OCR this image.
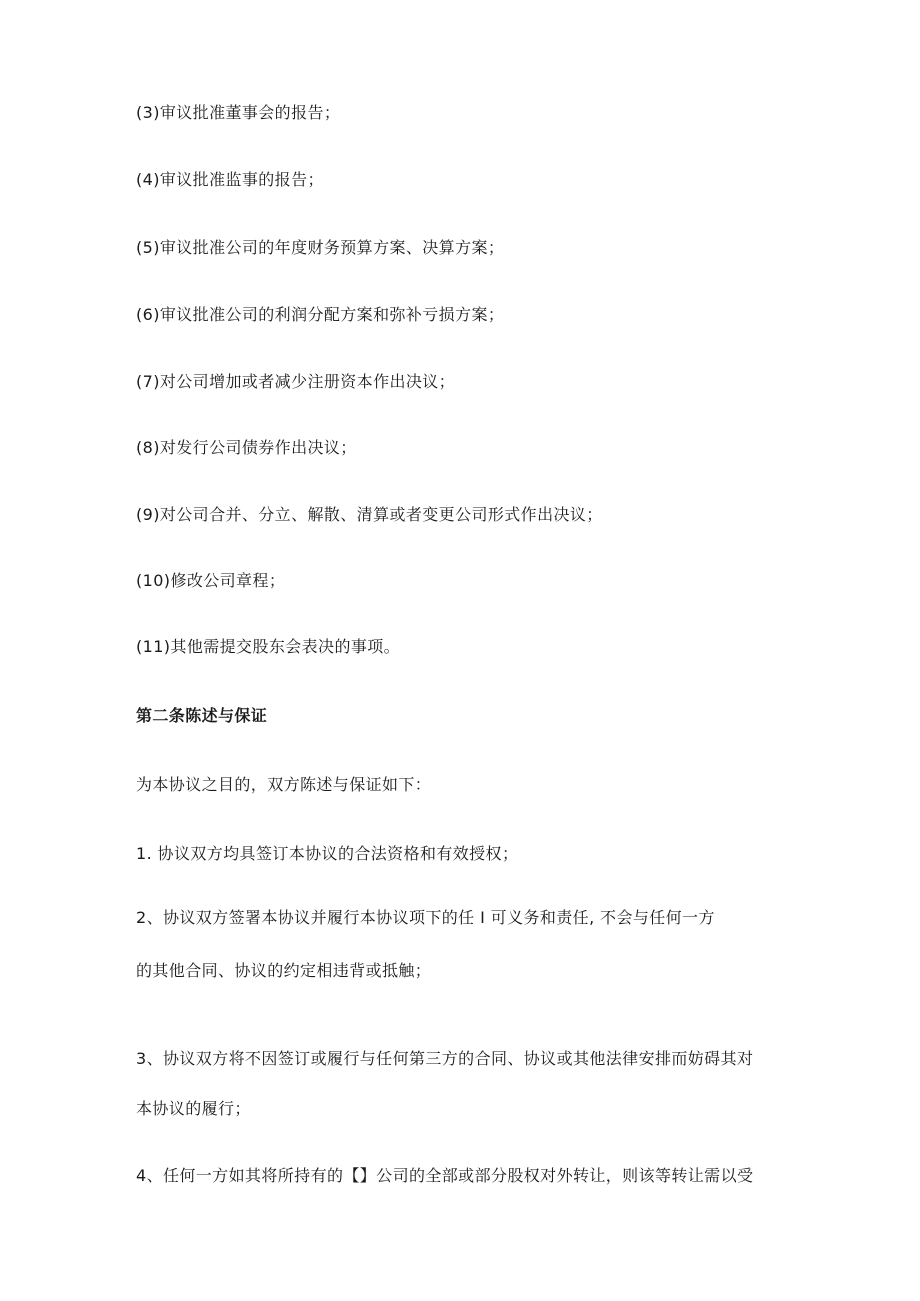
(3)审议批准董事会的报告；
(4)审议批准监事的报告；
(5)审议批准公司的年度财务预算方案、决算方案；
(6)审议批准公司的利润分配方案和弥补亏损方案；
(7)对公司增加或者减少注册资本作出决议；
(8)对发行公司债券作出决议；
(9)对公司合并、分立、解散、清算或者变更公司形式作出决议；
(10)修改公司章程；
(11)其他需提交股东会表决的事项。
第二条陈述与保证
为本协议之目的，双方陈述与保证如下：
1. 协议双方均具签订本协议的合法资格和有效授权；
2、协议双方签署本协议并履行本协议项下的任 I 可义务和责任, 不会与任何一方
的其他合同、协议的约定相违背或抵触；
3、协议双方将不因签订或履行与任何第三方的合同、协议或其他法律安排而妨碍其对
本协议的履行；
4、任何一方如其将所持有的【】公司的全部或部分股权对外转让，则该等转让需以受
